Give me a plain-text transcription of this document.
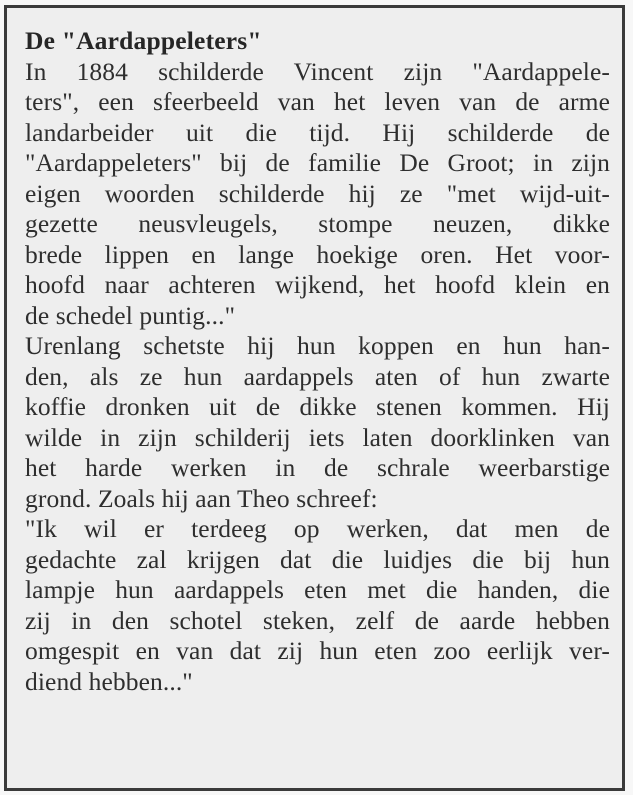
De "Aardappeleters"
In 1884 schilderde Vincent zijn "Aardappele-
ters", een sfeerbeeld van het leven van de arme
landarbeider uit die tijd. Hij schilderde de
"Aardappeleters" bij de familie De Groot; in zijn
eigen woorden schilderde hij ze "met wijd-uit-
gezette neusvleugels, stompe neuzen, dikke
brede lippen en lange hoekige oren. Het voor-
hoofd naar achteren wijkend, het hoofd klein en
de schedel puntig..."
Urenlang schetste hij hun koppen en hun han-
den, als ze hun aardappels aten of hun zwarte
koffie dronken uit de dikke stenen kommen. Hij
wilde in zijn schilderij iets laten doorklinken van
het harde werken in de schrale weerbarstige
grond. Zoals hij aan Theo schreef:
"Ik wil er terdeeg op werken, dat men de
gedachte zal krijgen dat die luidjes die bij hun
lampje hun aardappels eten met die handen, die
zij in den schotel steken, zelf de aarde hebben
omgespit en van dat zij hun eten zoo eerlijk ver-
diend hebben..."
